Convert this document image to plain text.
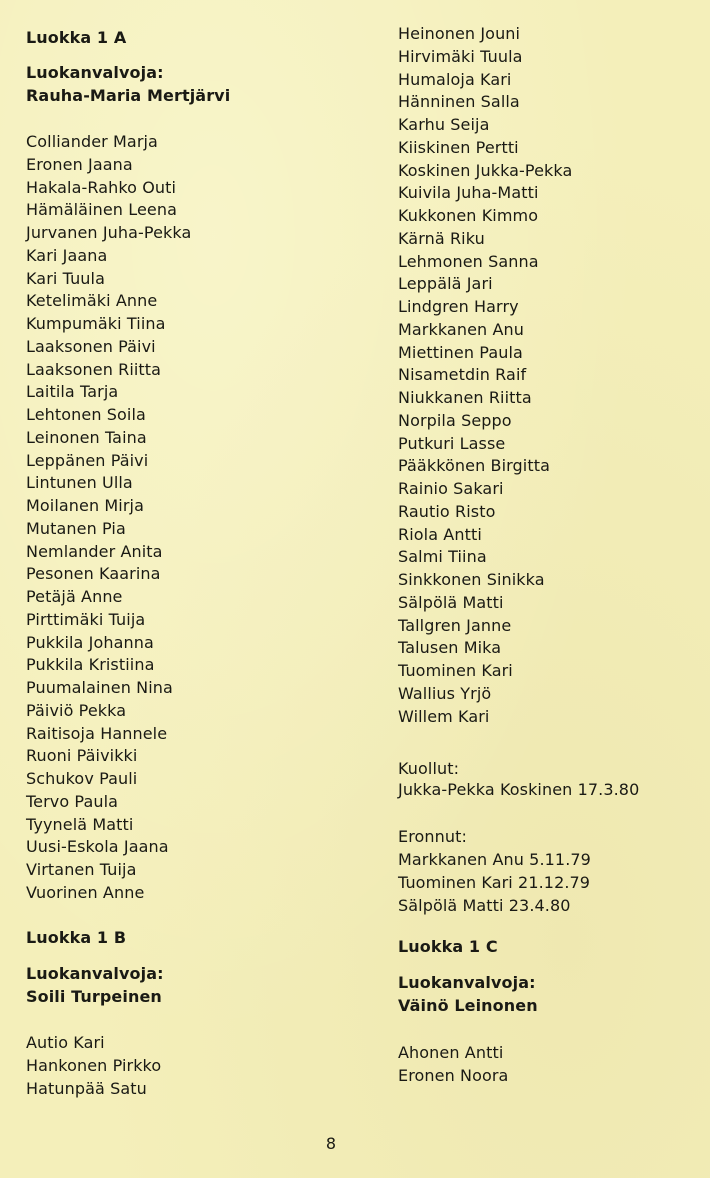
Luokka 1 A
Luokanvalvoja:
Rauha-Maria Mertjärvi
Colliander Marja
Eronen Jaana
Hakala-Rahko Outi
Hämäläinen Leena
Jurvanen Juha-Pekka
Kari Jaana
Kari Tuula
Ketelimäki Anne
Kumpumäki Tiina
Laaksonen Päivi
Laaksonen Riitta
Laitila Tarja
Lehtonen Soila
Leinonen Taina
Leppänen Päivi
Lintunen Ulla
Moilanen Mirja
Mutanen Pia
Nemlander Anita
Pesonen Kaarina
Petäjä Anne
Pirttimäki Tuija
Pukkila Johanna
Pukkila Kristiina
Puumalainen Nina
Päiviö Pekka
Raitisoja Hannele
Ruoni Päivikki
Schukov Pauli
Tervo Paula
Tyynelä Matti
Uusi-Eskola Jaana
Virtanen Tuija
Vuorinen Anne
Luokka 1 B
Luokanvalvoja:
Soili Turpeinen
Autio Kari
Hankonen Pirkko
Hatunpää Satu
Heinonen Jouni
Hirvimäki Tuula
Humaloja Kari
Hänninen Salla
Karhu Seija
Kiiskinen Pertti
Koskinen Jukka-Pekka
Kuivila Juha-Matti
Kukkonen Kimmo
Kärnä Riku
Lehmonen Sanna
Leppälä Jari
Lindgren Harry
Markkanen Anu
Miettinen Paula
Nisametdin Raif
Niukkanen Riitta
Norpila Seppo
Putkuri Lasse
Pääkkönen Birgitta
Rainio Sakari
Rautio Risto
Riola Antti
Salmi Tiina
Sinkkonen Sinikka
Sälpölä Matti
Tallgren Janne
Talusen Mika
Tuominen Kari
Wallius Yrjö
Willem Kari
Kuollut:
Jukka-Pekka Koskinen 17.3.80
Eronnut:
Markkanen Anu 5.11.79
Tuominen Kari 21.12.79
Sälpölä Matti 23.4.80
Luokka 1 C
Luokanvalvoja:
Väinö Leinonen
Ahonen Antti
Eronen Noora
8
